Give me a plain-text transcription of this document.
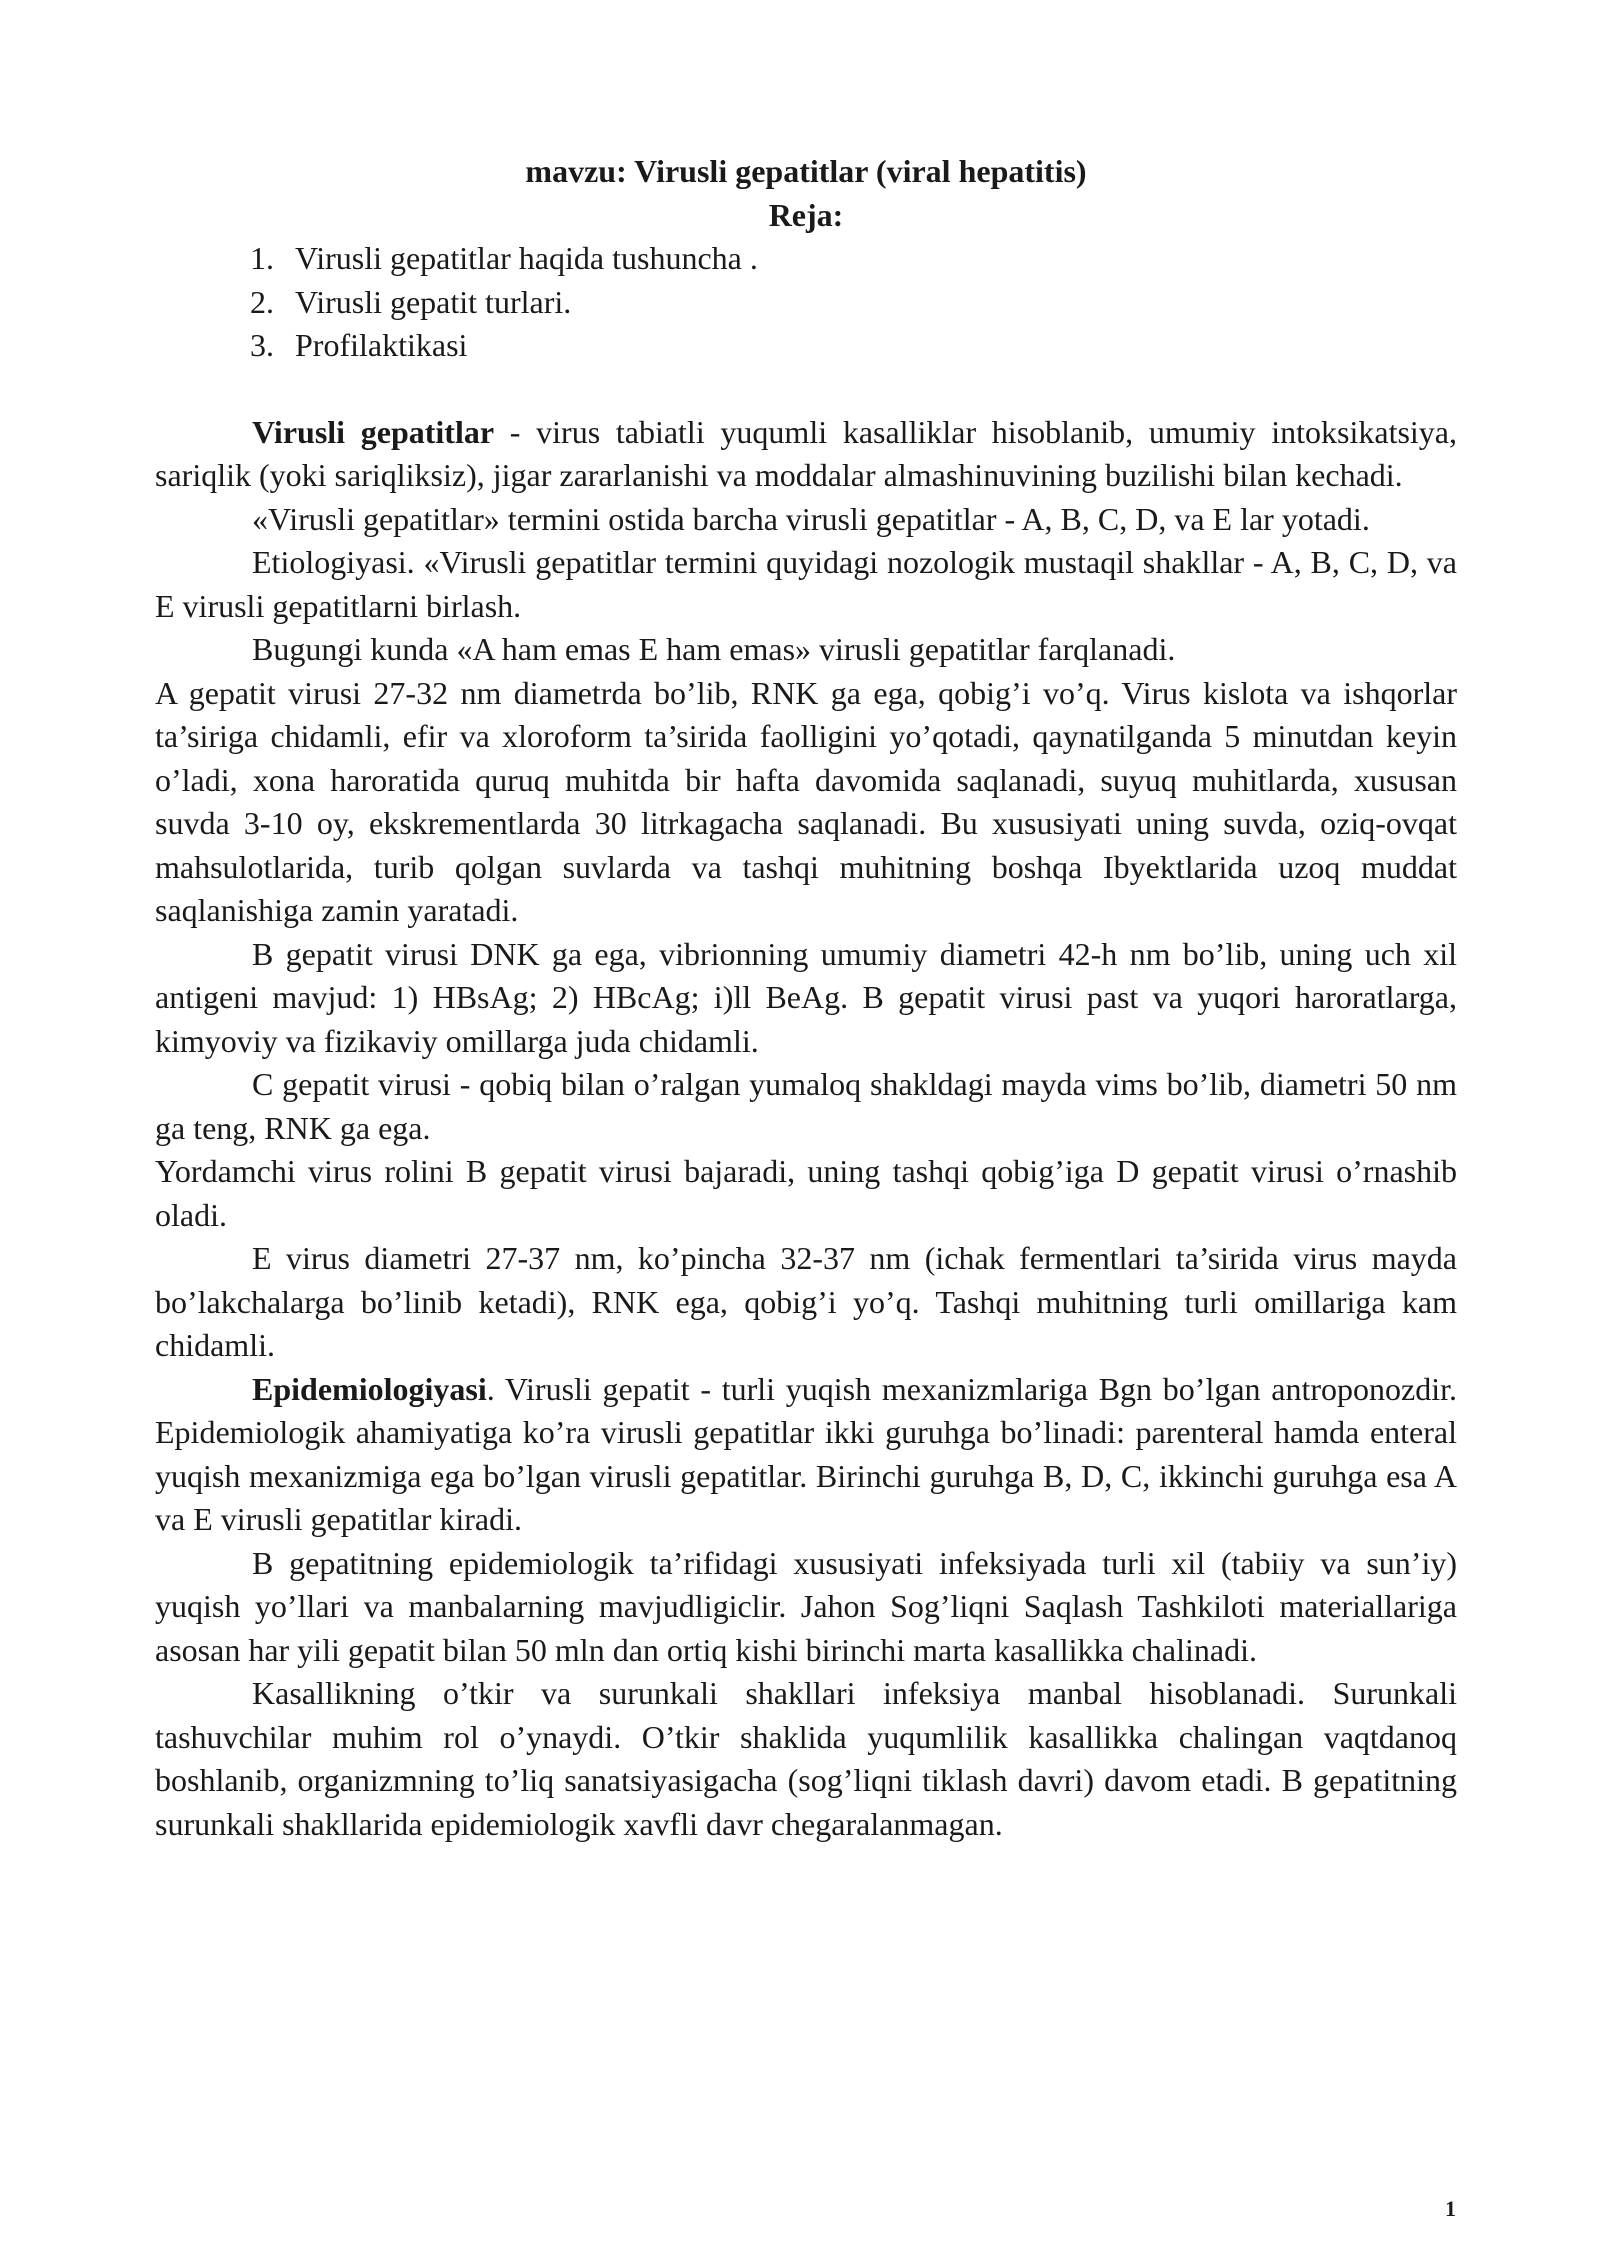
mavzu: Virusli gepatitlar (viral hepatitis)

Reja:

1. Virusli gepatitlar haqida tushuncha .
2. Virusli gepatit turlari.
3. Profilaktikasi

Virusli gepatitlar - virus tabiatli yuqumli kasalliklar hisoblanib, umumiy intoksikatsiya, sariqlik (yoki sariqliksiz), jigar zararlanishi va moddalar almashinuvining buzilishi bilan kechadi.

«Virusli gepatitlar» termini ostida barcha virusli gepatitlar - A, B, C, D, va E lar yotadi.

Etiologiyasi. «Virusli gepatitlar termini quyidagi nozologik mustaqil shakllar - A, B, C, D, va E virusli gepatitlarni birlash.

Bugungi kunda «A ham emas E ham emas» virusli gepatitlar farqlanadi.

A gepatit virusi 27-32 nm diametrda bo’lib, RNK ga ega, qobig’i vo’q. Virus kislota va ishqorlar ta’siriga chidamli, efir va xloroform ta’sirida faolligini yo’qotadi, qaynatilganda 5 minutdan keyin o’ladi, xona haroratida quruq muhitda bir hafta davomida saqlanadi, suyuq muhitlarda, xususan suvda 3-10 oy, ekskrementlarda 30 litrkagacha saqlanadi. Bu xususiyati uning suvda, oziq-ovqat mahsulotlarida, turib qolgan suvlarda va tashqi muhitning boshqa Ibyektlarida uzoq muddat saqlanishiga zamin yaratadi.

B gepatit virusi DNK ga ega, vibrionning umumiy diametri 42-h nm bo’lib, uning uch xil antigeni mavjud: 1) HBsAg; 2) HBcAg; i)ll BeAg. B gepatit virusi past va yuqori haroratlarga, kimyoviy va fizikaviy omillarga juda chidamli.

C gepatit virusi - qobiq bilan o’ralgan yumaloq shakldagi mayda vims bo’lib, diametri 50 nm ga teng, RNK ga ega.

Yordamchi virus rolini B gepatit virusi bajaradi, uning tashqi qobig’iga D gepatit virusi o’rnashib oladi.

E virus diametri 27-37 nm, ko’pincha 32-37 nm (ichak fermentlari ta’sirida virus mayda bo’lakchalarga bo’linib ketadi), RNK ega, qobig’i yo’q. Tashqi muhitning turli omillariga kam chidamli.

Epidemiologiyasi. Virusli gepatit - turli yuqish mexanizmlariga Bgn bo’lgan antroponozdir. Epidemiologik ahamiyatiga ko’ra virusli gepatitlar ikki guruhga bo’linadi: parenteral hamda enteral yuqish mexanizmiga ega bo’lgan virusli gepatitlar. Birinchi guruhga B, D, C, ikkinchi guruhga esa A va E virusli gepatitlar kiradi.

B gepatitning epidemiologik ta’rifidagi xususiyati infeksiyada turli xil (tabiiy va sun’iy) yuqish yo’llari va manbalarning mavjudligiclir. Jahon Sog’liqni Saqlash Tashkiloti materiallariga asosan har yili gepatit bilan 50 mln dan ortiq kishi birinchi marta kasallikka chalinadi.

Kasallikning o’tkir va surunkali shakllari infeksiya manbal hisoblanadi. Surunkali tashuvchilar muhim rol o’ynaydi. O’tkir shaklida yuqumlilik kasallikka chalingan vaqtdanoq boshlanib, organizmning to’liq sanatsiyasigacha (sog’liqni tiklash davri) davom etadi. B gepatitning surunkali shakllarida epidemiologik xavfli davr chegaralanmagan.

1
